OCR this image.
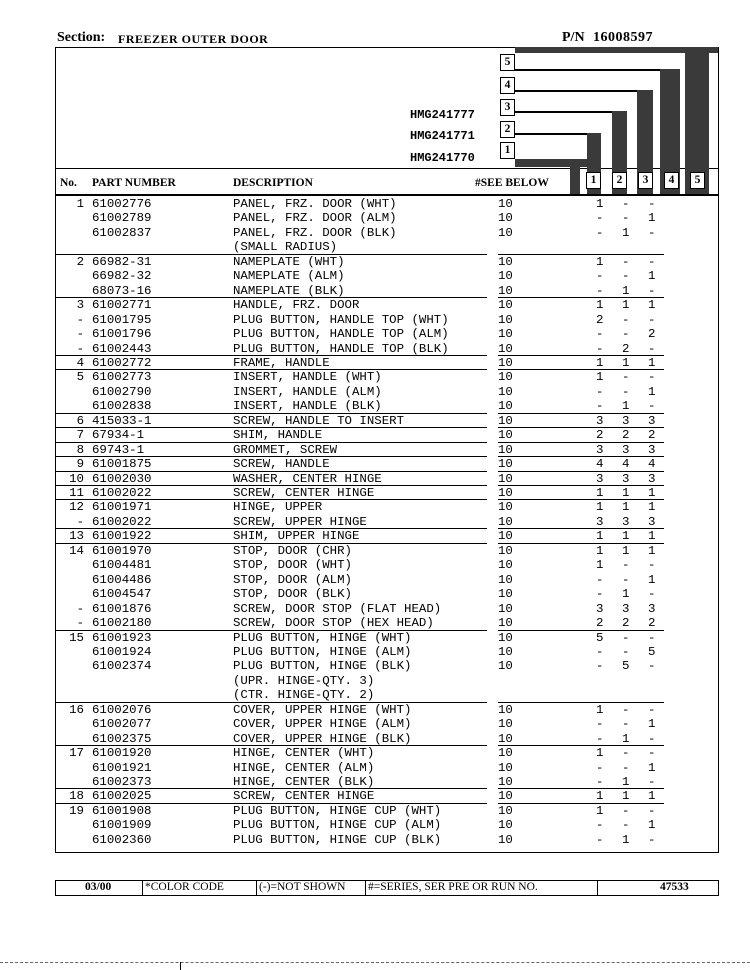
Section: FREEZER OUTER DOOR	P/N 16008597
5
4
3
2
1
HMG241777
HMG241771
HMG241770
No. PART NUMBER	DESCRIPTION	#SEE BELOW	1	2	3	4	5
1 61002776	PANEL, FRZ. DOOR (WHT)	10	1 - -
61002789	PANEL, FRZ. DOOR (ALM)	10	- - 1
61002837	PANEL, FRZ. DOOR (BLK)	10	- 1 -
(SMALL RADIUS)
2 66982-31	NAMEPLATE (WHT)	10	1 - -
66982-32	NAMEPLATE (ALM)	10	- - 1
68073-16	NAMEPLATE (BLK)	10	- 1 -
3 61002771	HANDLE, FRZ. DOOR	10	1 1 1
- 61001795	PLUG BUTTON, HANDLE TOP (WHT)	10	2 - -
- 61001796	PLUG BUTTON, HANDLE TOP (ALM)	10	- - 2
- 61002443	PLUG BUTTON, HANDLE TOP (BLK)	10	- 2 -
4 61002772	FRAME, HANDLE	10	1 1 1
5 61002773	INSERT, HANDLE (WHT)	10	1 - -
61002790	INSERT, HANDLE (ALM)	10	- - 1
61002838	INSERT, HANDLE (BLK)	10	- 1 -
6 415033-1	SCREW, HANDLE TO INSERT	10	3 3 3
7 67934-1	SHIM, HANDLE	10	2 2 2
8 69743-1	GROMMET, SCREW	10	3 3 3
9 61001875	SCREW, HANDLE	10	4 4 4
10 61002030	WASHER, CENTER HINGE	10	3 3 3
11 61002022	SCREW, CENTER HINGE	10	1 1 1
12 61001971	HINGE, UPPER	10	1 1 1
- 61002022	SCREW, UPPER HINGE	10	3 3 3
13 61001922	SHIM, UPPER HINGE	10	1 1 1
14 61001970	STOP, DOOR (CHR)	10	1 1 1
61004481	STOP, DOOR (WHT)	10	1 - -
61004486	STOP, DOOR (ALM)	10	- - 1
61004547	STOP, DOOR (BLK)	10	- 1 -
- 61001876	SCREW, DOOR STOP (FLAT HEAD)	10	3 3 3
- 61002180	SCREW, DOOR STOP (HEX HEAD)	10	2 2 2
15 61001923	PLUG BUTTON, HINGE (WHT)	10	5 - -
61001924	PLUG BUTTON, HINGE (ALM)	10	- - 5
61002374	PLUG BUTTON, HINGE (BLK)	10	- 5 -
(UPR. HINGE-QTY. 3)
(CTR. HINGE-QTY. 2)
16 61002076	COVER, UPPER HINGE (WHT)	10	1 - -
61002077	COVER, UPPER HINGE (ALM)	10	- - 1
61002375	COVER, UPPER HINGE (BLK)	10	- 1 -
17 61001920	HINGE, CENTER (WHT)	10	1 - -
61001921	HINGE, CENTER (ALM)	10	- - 1
61002373	HINGE, CENTER (BLK)	10	- 1 -
18 61002025	SCREW, CENTER HINGE	10	1 1 1
19 61001908	PLUG BUTTON, HINGE CUP (WHT)	10	1 - -
61001909	PLUG BUTTON, HINGE CUP (ALM)	10	- - 1
61002360	PLUG BUTTON, HINGE CUP (BLK)	10	- 1 -
03/00	*COLOR CODE	(-)=NOT SHOWN #=SERIES, SER PRE OR RUN NO.	47533
